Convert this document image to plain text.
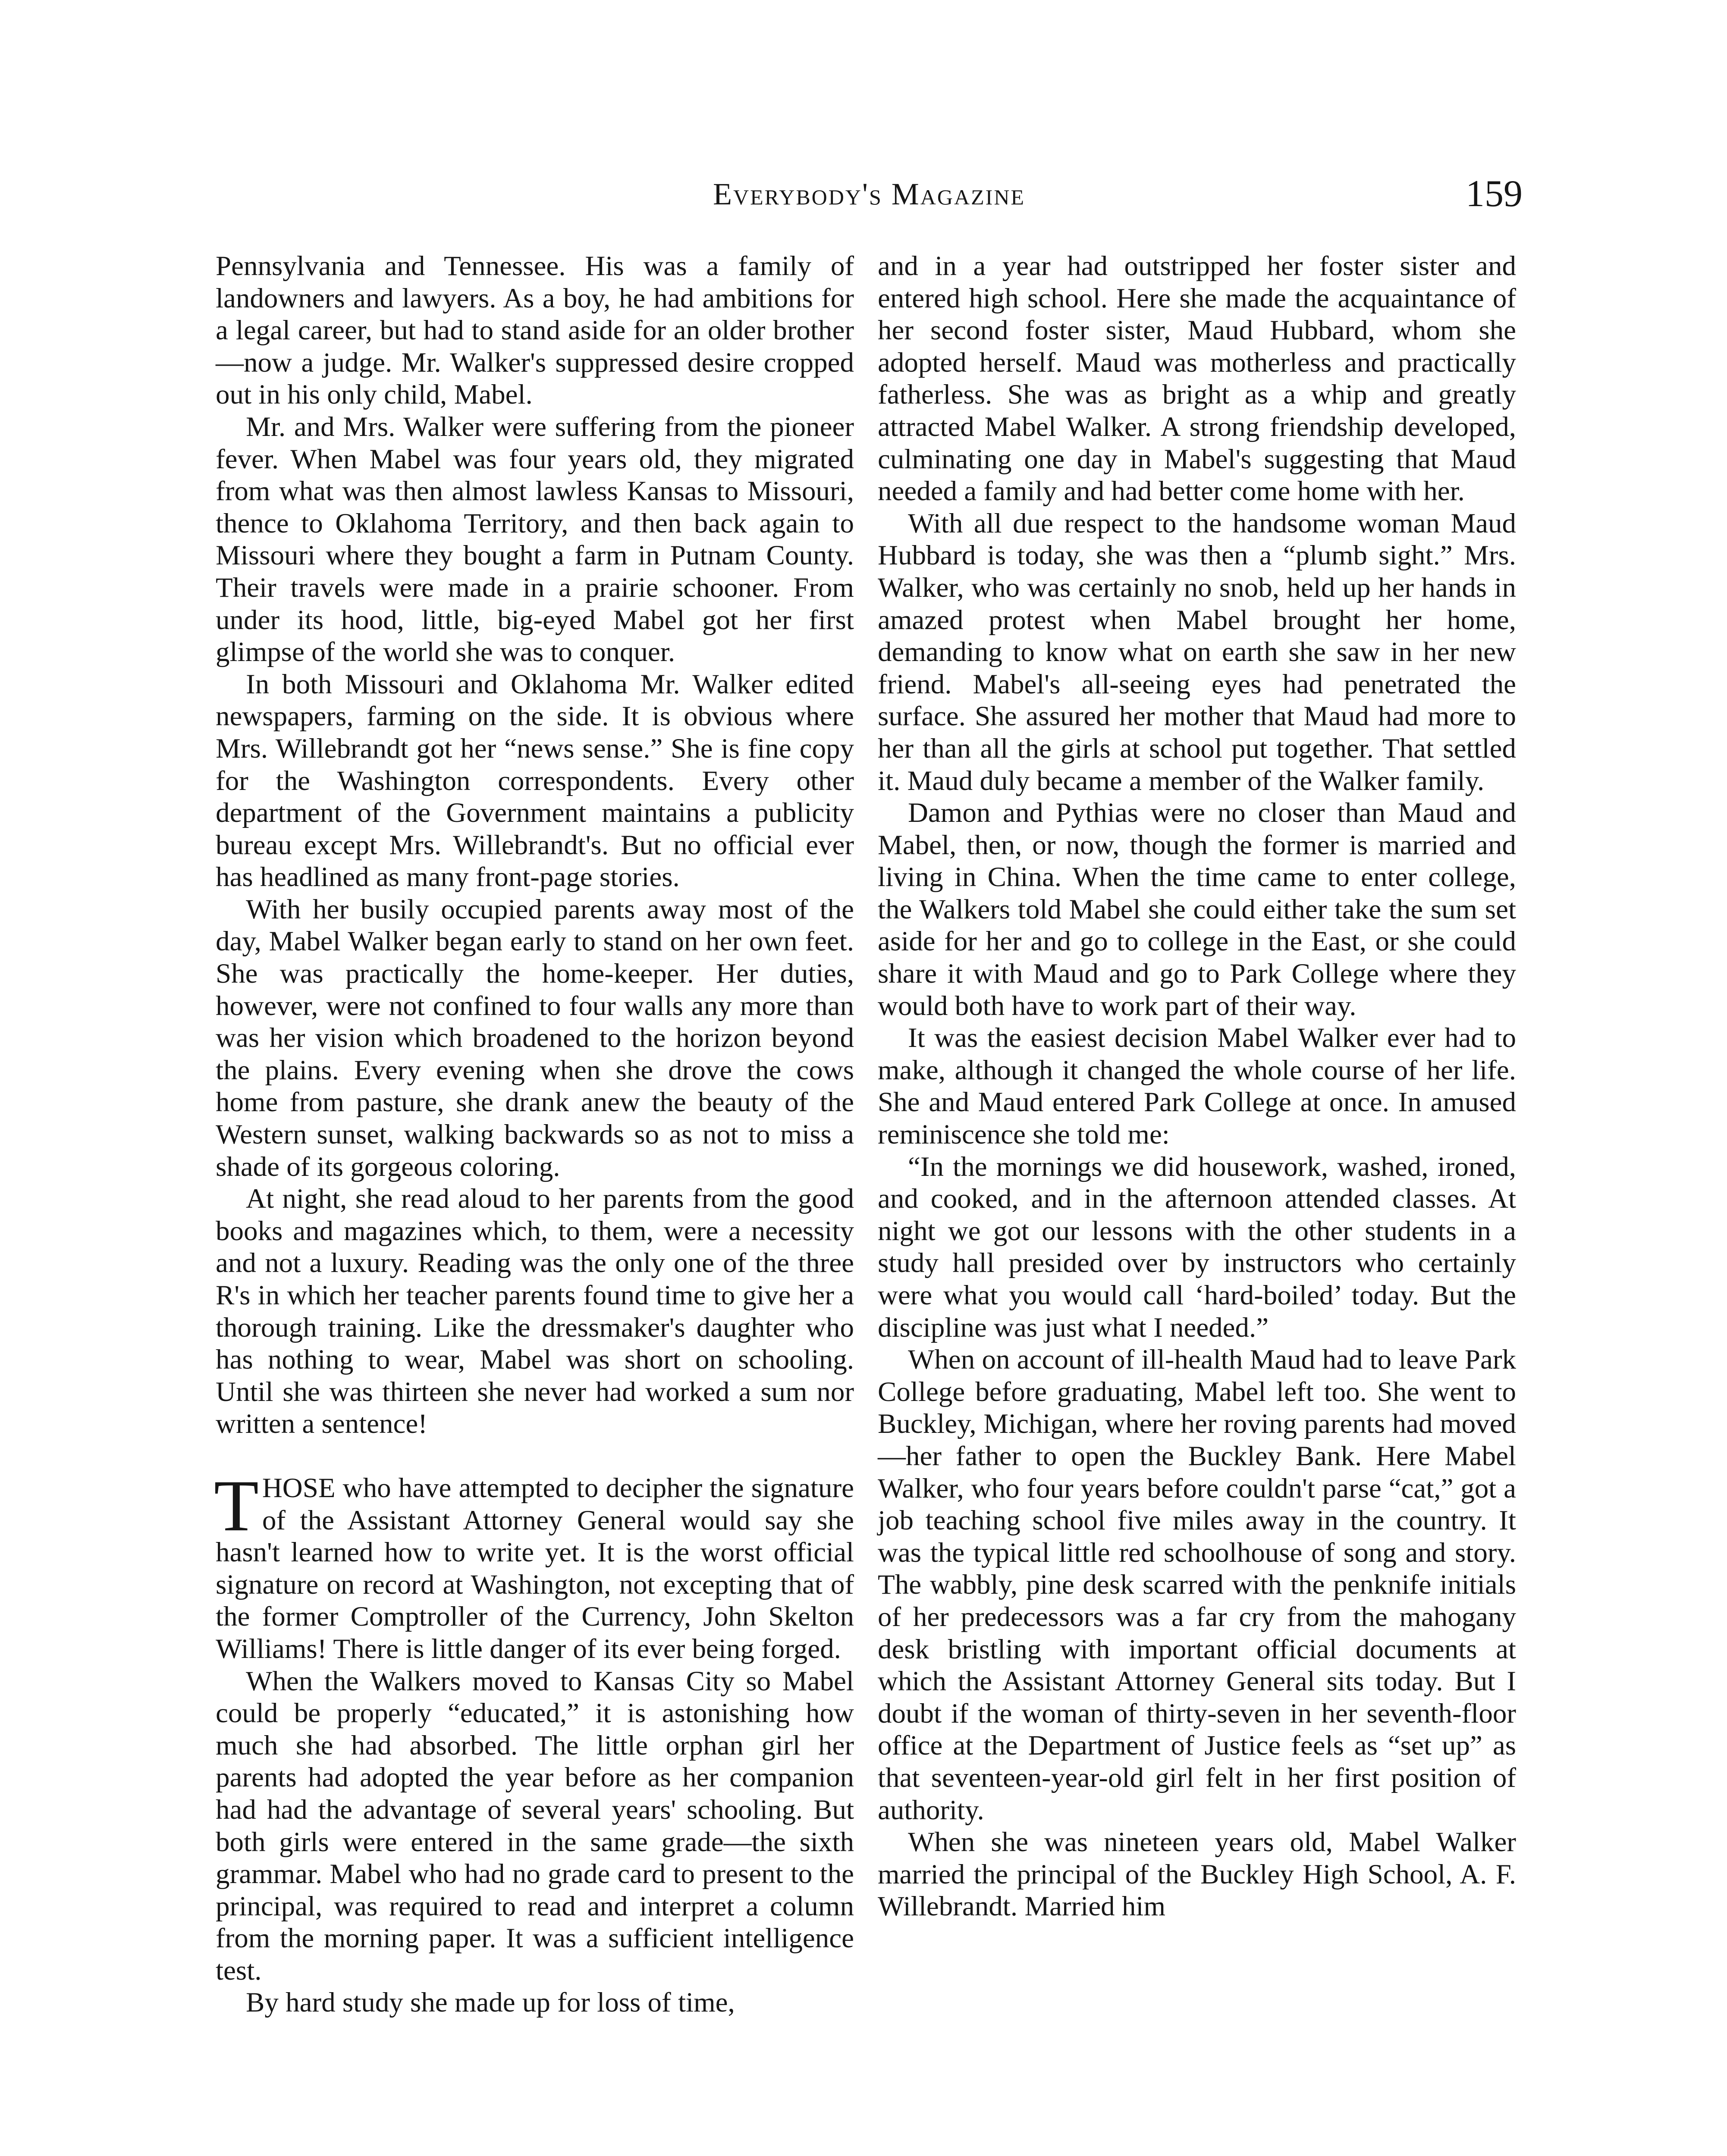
Everybody's Magazine	159

Pennsylvania and Tennessee. His was a family of landowners and lawyers. As a boy, he had ambitions for a legal career, but had to stand aside for an older brother—now a judge. Mr. Walker's suppressed desire cropped out in his only child, Mabel.

Mr. and Mrs. Walker were suffering from the pioneer fever. When Mabel was four years old, they migrated from what was then almost lawless Kansas to Missouri, thence to Oklahoma Territory, and then back again to Missouri where they bought a farm in Putnam County. Their travels were made in a prairie schooner. From under its hood, little, big-eyed Mabel got her first glimpse of the world she was to conquer.

In both Missouri and Oklahoma Mr. Walker edited newspapers, farming on the side. It is obvious where Mrs. Willebrandt got her “news sense.” She is fine copy for the Washington correspondents. Every other department of the Government maintains a publicity bureau except Mrs. Willebrandt's. But no official ever has headlined as many front-page stories.

With her busily occupied parents away most of the day, Mabel Walker began early to stand on her own feet. She was practically the home-keeper. Her duties, however, were not confined to four walls any more than was her vision which broadened to the horizon beyond the plains. Every evening when she drove the cows home from pasture, she drank anew the beauty of the Western sunset, walking backwards so as not to miss a shade of its gorgeous coloring.

At night, she read aloud to her parents from the good books and magazines which, to them, were a necessity and not a luxury. Reading was the only one of the three R's in which her teacher parents found time to give her a thorough training. Like the dressmaker's daughter who has nothing to wear, Mabel was short on schooling. Until she was thirteen she never had worked a sum nor written a sentence!

THOSE who have attempted to decipher the signature of the Assistant Attorney General would say she hasn't learned how to write yet. It is the worst official signature on record at Washington, not excepting that of the former Comptroller of the Currency, John Skelton Williams! There is little danger of its ever being forged.

When the Walkers moved to Kansas City so Mabel could be properly “educated,” it is astonishing how much she had absorbed. The little orphan girl her parents had adopted the year before as her companion had had the advantage of several years' schooling. But both girls were entered in the same grade—the sixth grammar. Mabel who had no grade card to present to the principal, was required to read and interpret a column from the morning paper. It was a sufficient intelligence test.

By hard study she made up for loss of time,

and in a year had outstripped her foster sister and entered high school. Here she made the acquaintance of her second foster sister, Maud Hubbard, whom she adopted herself. Maud was motherless and practically fatherless. She was as bright as a whip and greatly attracted Mabel Walker. A strong friendship developed, culminating one day in Mabel's suggesting that Maud needed a family and had better come home with her.

With all due respect to the handsome woman Maud Hubbard is today, she was then a “plumb sight.” Mrs. Walker, who was certainly no snob, held up her hands in amazed protest when Mabel brought her home, demanding to know what on earth she saw in her new friend. Mabel's all-seeing eyes had penetrated the surface. She assured her mother that Maud had more to her than all the girls at school put together. That settled it. Maud duly became a member of the Walker family.

Damon and Pythias were no closer than Maud and Mabel, then, or now, though the former is married and living in China. When the time came to enter college, the Walkers told Mabel she could either take the sum set aside for her and go to college in the East, or she could share it with Maud and go to Park College where they would both have to work part of their way.

It was the easiest decision Mabel Walker ever had to make, although it changed the whole course of her life. She and Maud entered Park College at once. In amused reminiscence she told me:

“In the mornings we did housework, washed, ironed, and cooked, and in the afternoon attended classes. At night we got our lessons with the other students in a study hall presided over by instructors who certainly were what you would call ‘hard-boiled’ today. But the discipline was just what I needed.”

When on account of ill-health Maud had to leave Park College before graduating, Mabel left too. She went to Buckley, Michigan, where her roving parents had moved—her father to open the Buckley Bank. Here Mabel Walker, who four years before couldn't parse “cat,” got a job teaching school five miles away in the country. It was the typical little red schoolhouse of song and story. The wabbly, pine desk scarred with the penknife initials of her predecessors was a far cry from the mahogany desk bristling with important official documents at which the Assistant Attorney General sits today. But I doubt if the woman of thirty-seven in her seventh-floor office at the Department of Justice feels as “set up” as that seventeen-year-old girl felt in her first position of authority.

When she was nineteen years old, Mabel Walker married the principal of the Buckley High School, A. F. Willebrandt. Married him
